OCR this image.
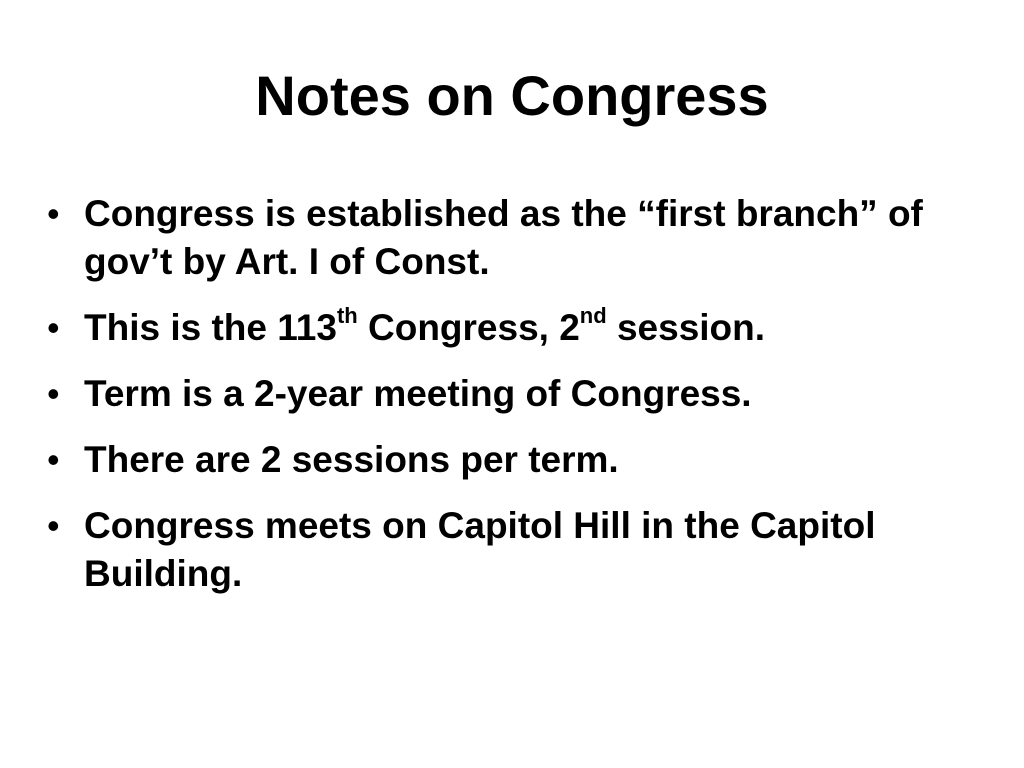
Notes on Congress
• Congress is established as the “first branch” of gov’t by Art. I of Const.
• This is the 113th Congress, 2nd session.
• Term is a 2-year meeting of Congress.
• There are 2 sessions per term.
• Congress meets on Capitol Hill in the Capitol Building.
